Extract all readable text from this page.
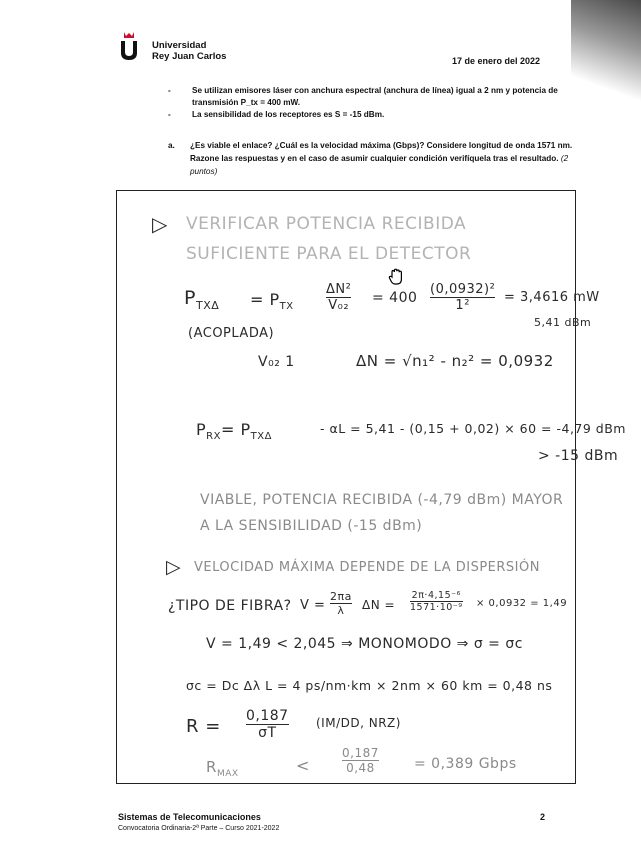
Universidad
Rey Juan Carlos	17 de enero del 2022
-	Se utilizan emisores láser con anchura espectral (anchura de línea) igual a 2 nm y potencia de transmisión P_tx = 400 mW.
-	La sensibilidad de los receptores es S = -15 dBm.
a. ¿Es viable el enlace? ¿Cuál es la velocidad máxima (Gbps)? Considere longitud de onda 1571 nm. Razone las respuestas y en el caso de asumir cualquier condición verifíquela tras el resultado. (2 puntos)
▷ VERIFICAR POTENCIA RECIBIDA
SUFICIENTE PARA EL DETECTOR
$P_{TX\Delta} = P_{TX}$
ΔN²
V₀₂ = 400
(0,0932)²
1²
= 3,4616 mW
(ACOPLADA)
5,41 dBm
V₀₂ 1	ΔN = √n₁² - n₂² = 0,0932
$P_{RX}= P_{TX\Delta}$
- αL = 5,41 - (0,15 + 0,02) × 60 = -4,79 dBm
> -15 dBm
VIABLE, POTENCIA RECIBIDA (-4,79 dBm) MAYOR
A LA SENSIBILIDAD (-15 dBm)
▷ VELOCIDAD MÁXIMA DEPENDE DE LA DISPERSIÓN
¿TIPO DE FIBRA? V =
2πa
λ	ΔN =
2π·4,15⁻⁶
1571·10⁻⁹ × 0,0932 = 1,49
V = 1,49 < 2,045 ⇒ MONOMODO ⇒ σ = σc
σc = Dc Δλ L = 4 ps/nm·km × 2nm × 60 km = 0,48 ns
R = 0,187
σT
(IM/DD, NRZ)
$R_{MAX}$	<
0,187
0,48	= 0,389 Gbps
Sistemas de Telecomunicaciones
Convocatoria Ordinaria-2ª Parte – Curso 2021-2022
2
